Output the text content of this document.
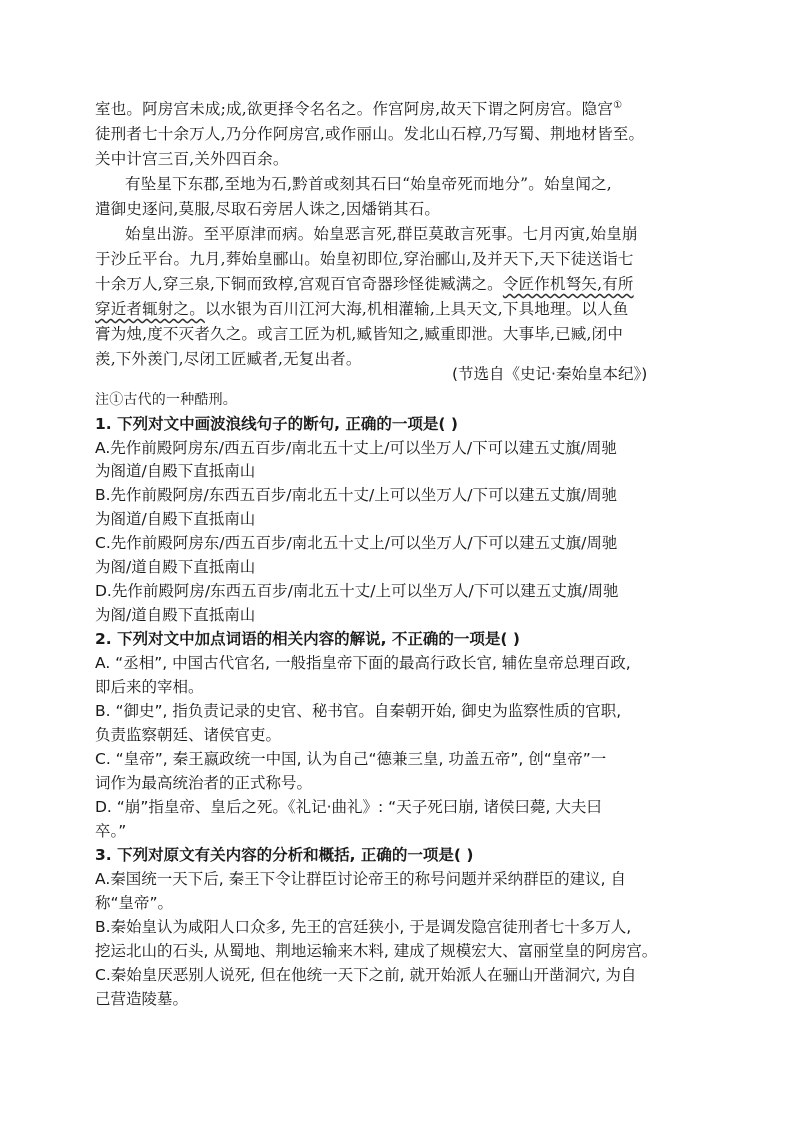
室也。阿房宫未成;成,欲更择令名名之。作宫阿房,故天下谓之阿房宫。隐宫①
徒刑者七十余万人,乃分作阿房宫,或作丽山。发北山石椁,乃写蜀、荆地材皆至。
关中计宫三百,关外四百余。
有坠星下东郡,至地为石,黔首或刻其石曰“始皇帝死而地分”。始皇闻之,
遣御史逐问,莫服,尽取石旁居人诛之,因燔销其石。
始皇出游。至平原津而病。始皇恶言死,群臣莫敢言死事。七月丙寅,始皇崩
于沙丘平台。九月,葬始皇郦山。始皇初即位,穿治郦山,及并天下,天下徒送诣七
十余万人,穿三泉,下铜而致椁,宫观百官奇器珍怪徙臧满之。令匠作机弩矢,有所
穿近者辄射之。以水银为百川江河大海,机相灌输,上具天文,下具地理。以人鱼
膏为烛,度不灭者久之。或言工匠为机,臧皆知之,臧重即泄。大事毕,已臧,闭中
羡,下外羡门,尽闭工匠臧者,无复出者。
(节选自《史记·秦始皇本纪》)
注①古代的一种酷刑。
1. 下列对文中画波浪线句子的断句, 正确的一项是( )
A.先作前殿阿房东/西五百步/南北五十丈上/可以坐万人/下可以建五丈旗/周驰
为阁道/自殿下直抵南山
B.先作前殿阿房/东西五百步/南北五十丈/上可以坐万人/下可以建五丈旗/周驰
为阁道/自殿下直抵南山
C.先作前殿阿房东/西五百步/南北五十丈上/可以坐万人/下可以建五丈旗/周驰
为阁/道自殿下直抵南山
D.先作前殿阿房/东西五百步/南北五十丈/上可以坐万人/下可以建五丈旗/周驰
为阁/道自殿下直抵南山
2. 下列对文中加点词语的相关内容的解说, 不正确的一项是( )
A. “丞相”, 中国古代官名, 一般指皇帝下面的最高行政长官, 辅佐皇帝总理百政,
即后来的宰相。
B. “御史”, 指负责记录的史官、秘书官。自秦朝开始, 御史为监察性质的官职,
负责监察朝廷、诸侯官吏。
C. “皇帝”, 秦王嬴政统一中国, 认为自己“德兼三皇, 功盖五帝”, 创“皇帝”一
词作为最高统治者的正式称号。
D. “崩”指皇帝、皇后之死。《礼记·曲礼》: “天子死曰崩, 诸侯曰薨, 大夫曰
卒。”
3. 下列对原文有关内容的分析和概括, 正确的一项是( )
A.秦国统一天下后, 秦王下令让群臣讨论帝王的称号问题并采纳群臣的建议, 自
称“皇帝”。
B.秦始皇认为咸阳人口众多, 先王的宫廷狭小, 于是调发隐宫徒刑者七十多万人,
挖运北山的石头, 从蜀地、荆地运输来木料, 建成了规模宏大、富丽堂皇的阿房宫。
C.秦始皇厌恶别人说死, 但在他统一天下之前, 就开始派人在骊山开凿洞穴, 为自
己营造陵墓。
